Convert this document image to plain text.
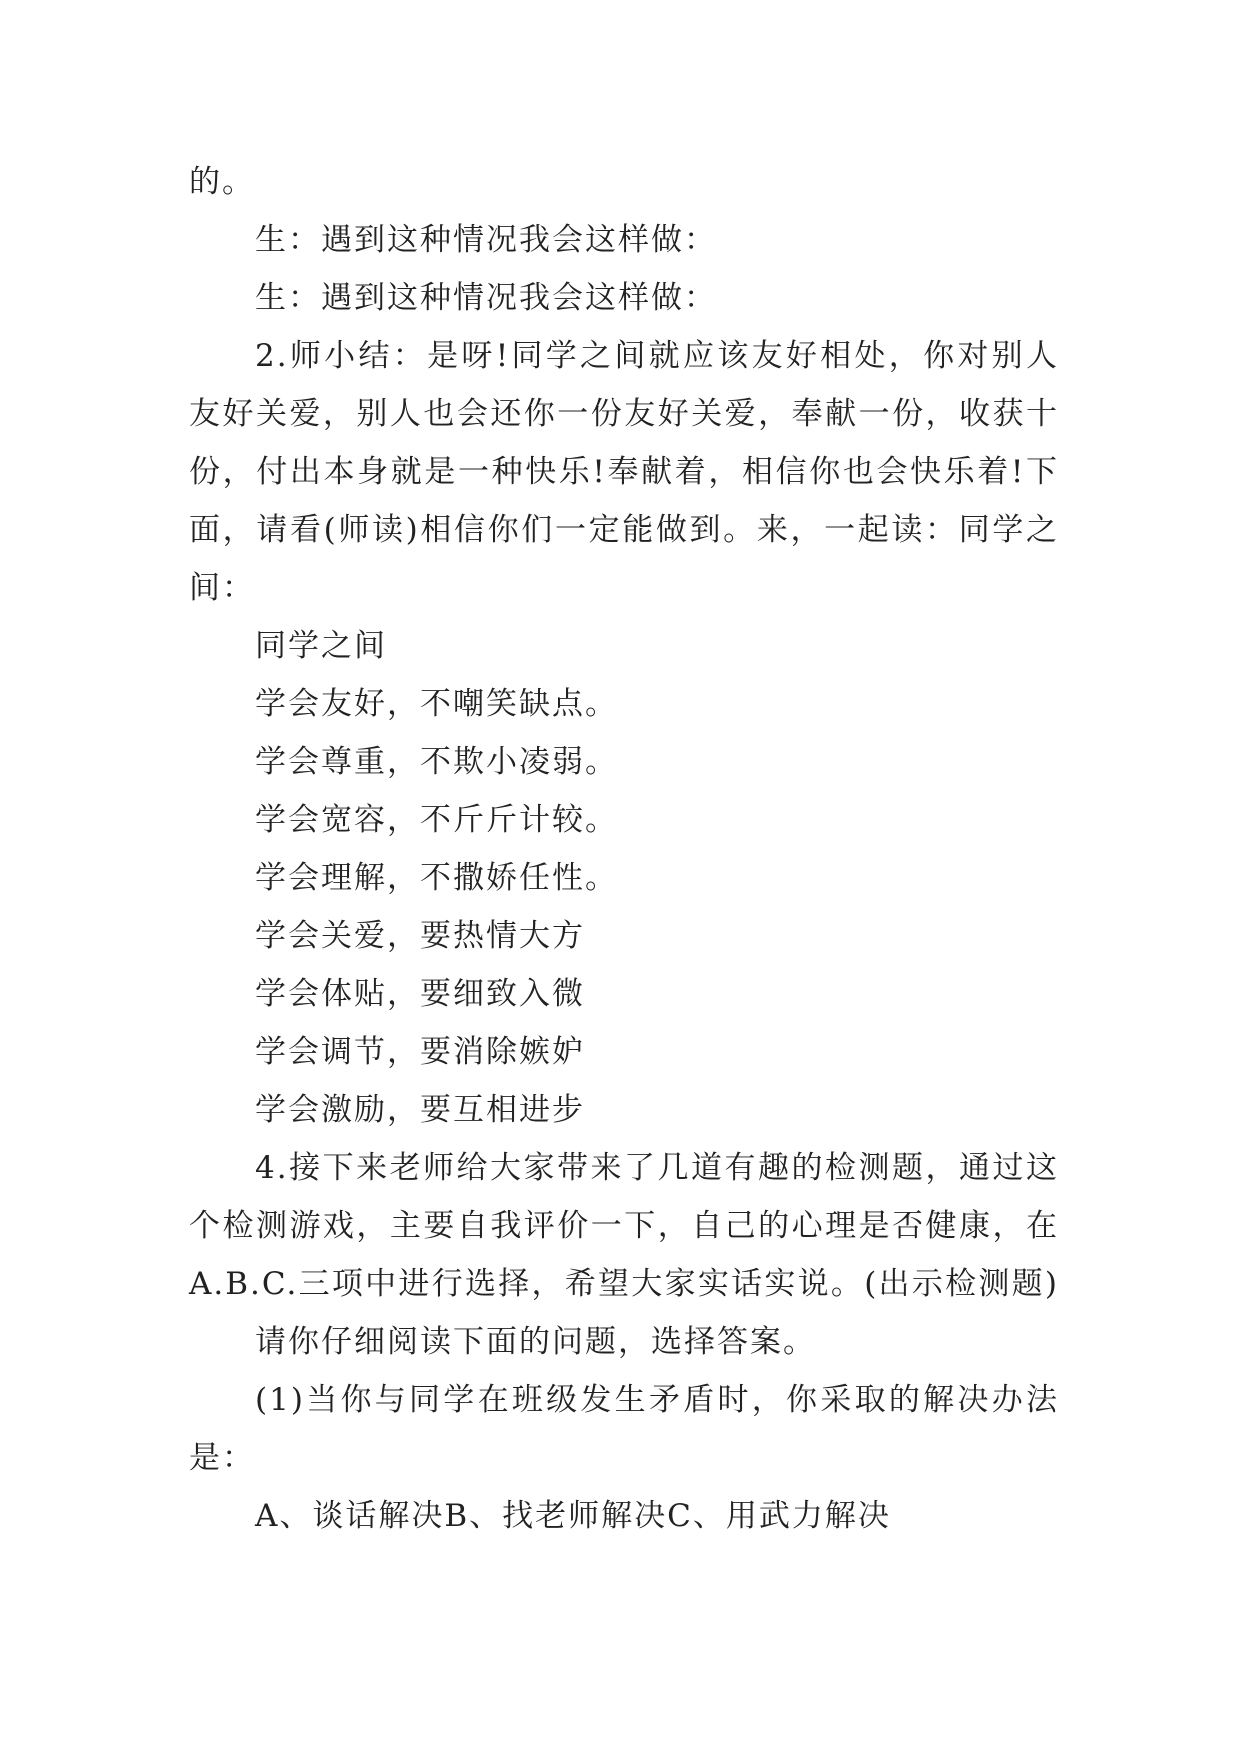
的。
生：遇到这种情况我会这样做：
生：遇到这种情况我会这样做：
2.师小结：是呀!同学之间就应该友好相处，你对别人
友好关爱，别人也会还你一份友好关爱，奉献一份，收获十
份，付出本身就是一种快乐!奉献着，相信你也会快乐着!下
面，请看(师读)相信你们一定能做到。来，一起读：同学之
间：
同学之间
学会友好，不嘲笑缺点。
学会尊重，不欺小凌弱。
学会宽容，不斤斤计较。
学会理解，不撒娇任性。
学会关爱，要热情大方
学会体贴，要细致入微
学会调节，要消除嫉妒
学会激励，要互相进步
4.接下来老师给大家带来了几道有趣的检测题，通过这
个检测游戏，主要自我评价一下，自己的心理是否健康，在
A.B.C.三项中进行选择，希望大家实话实说。(出示检测题)
请你仔细阅读下面的问题，选择答案。
(1)当你与同学在班级发生矛盾时，你采取的解决办法
是：
A、谈话解决B、找老师解决C、用武力解决
